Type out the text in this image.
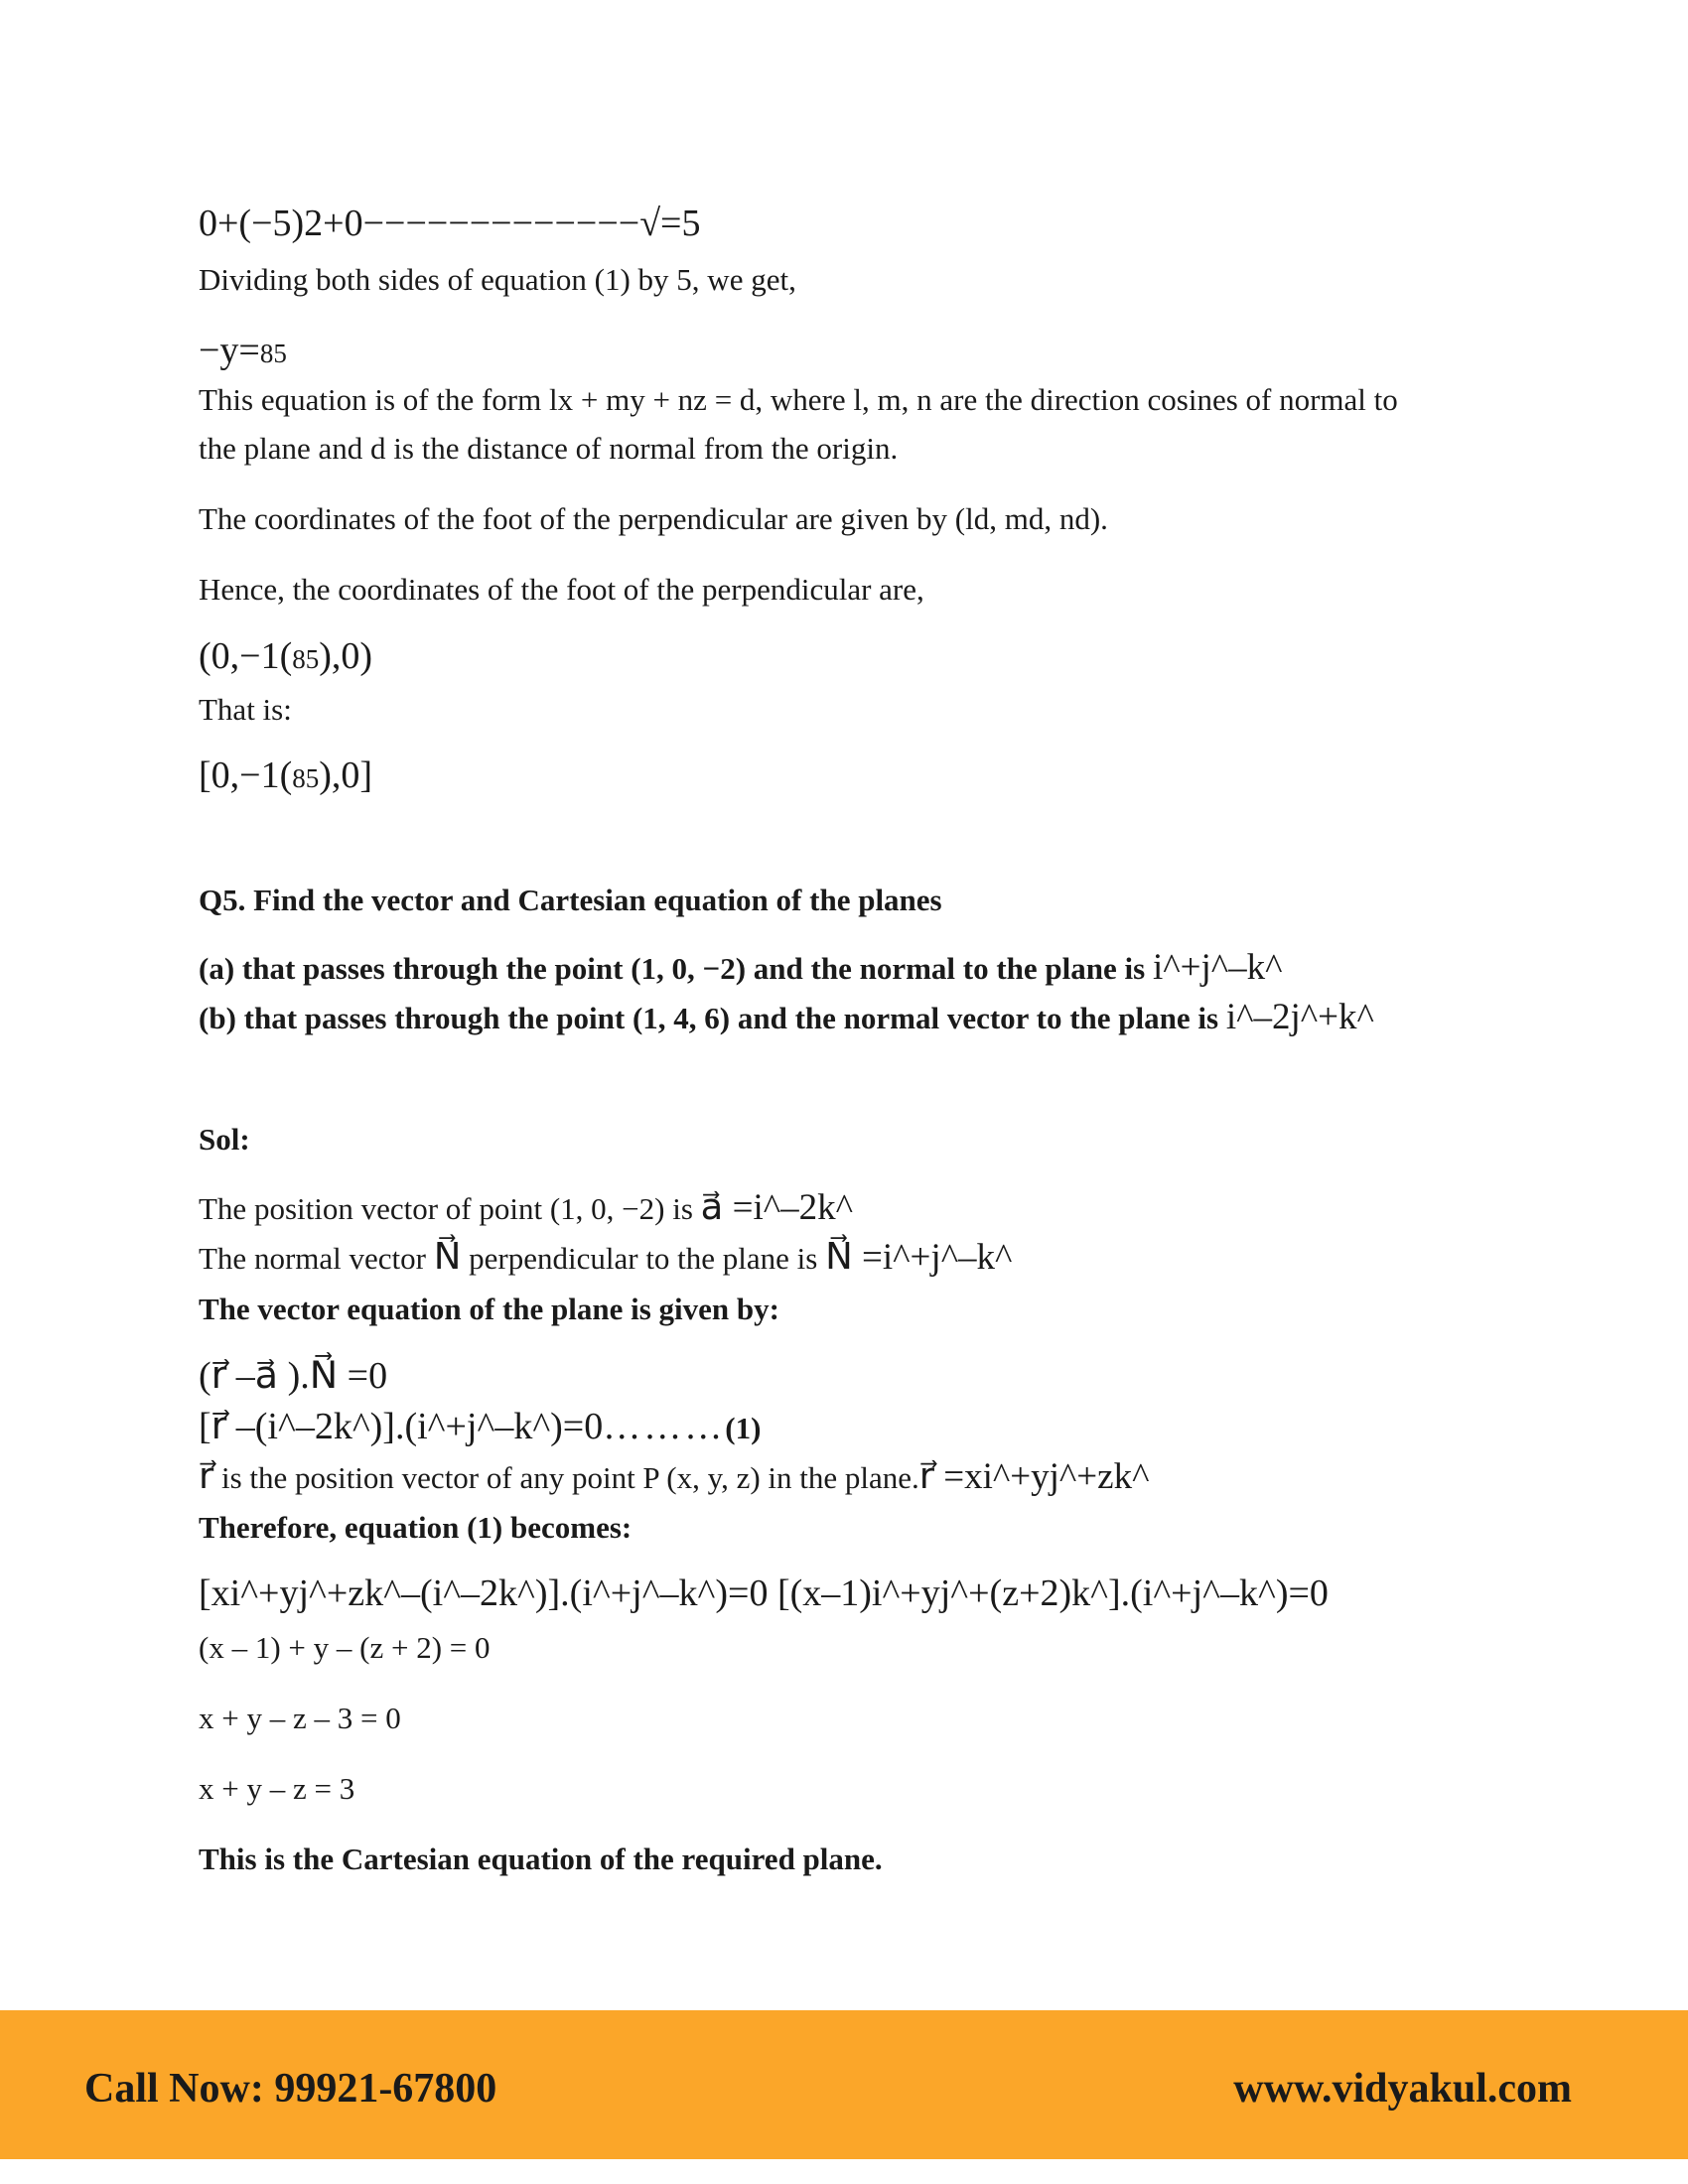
0+(−5)2+0−−−−−−−−−−−−−√=5
Dividing both sides of equation (1) by 5, we get,
−y=85
This equation is of the form lx + my + nz = d, where l, m, n are the direction cosines of normal to
the plane and d is the distance of normal from the origin.
The coordinates of the foot of the perpendicular are given by (ld, md, nd).
Hence, the coordinates of the foot of the perpendicular are,
(0,−1(85),0)
That is:
[0,−1(85),0]
Q5. Find the vector and Cartesian equation of the planes
(a) that passes through the point (1, 0, −2) and the normal to the plane is i^+j^–k^
(b) that passes through the point (1, 4, 6) and the normal vector to the plane is i^–2j^+k^
Sol:
The position vector of point (1, 0, −2) is a⃗ =i^–2k^
The normal vector N⃗ perpendicular to the plane is N⃗ =i^+j^–k^
The vector equation of the plane is given by:
(r⃗ –a⃗ ).N⃗ =0
[r⃗ –(i^–2k^)].(i^+j^–k^)=0………(1)
r⃗ is the position vector of any point P (x, y, z) in the plane.r⃗ =xi^+yj^+zk^
Therefore, equation (1) becomes:
[xi^+yj^+zk^–(i^–2k^)].(i^+j^–k^)=0 [(x–1)i^+yj^+(z+2)k^].(i^+j^–k^)=0
(x – 1) + y – (z + 2) = 0
x + y – z – 3 = 0
x + y – z = 3
This is the Cartesian equation of the required plane.
Call Now: 99921-67800	www.vidyakul.com
